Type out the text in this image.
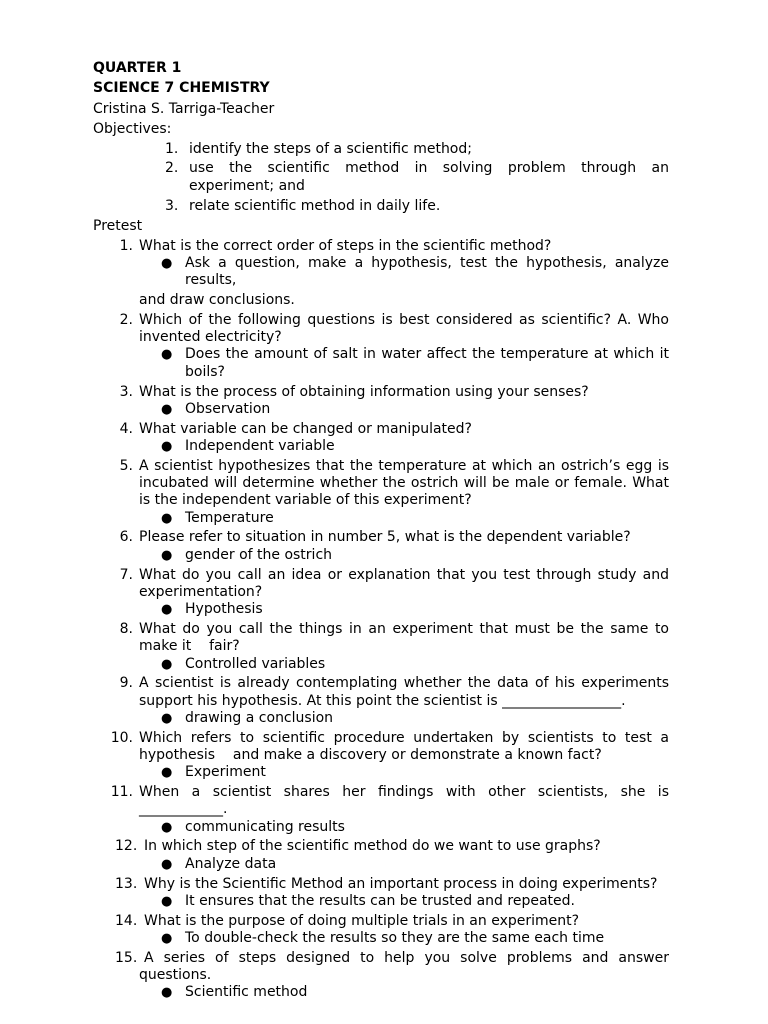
QUARTER 1
SCIENCE 7 CHEMISTRY
Cristina S. Tarriga-Teacher
Objectives:
1. identify the steps of a scientific method;
2. use the scientific method in solving problem through an experiment; and
3. relate scientific method in daily life.
Pretest
1. What is the correct order of steps in the scientific method?
● Ask a question, make a hypothesis, test the hypothesis, analyze results,
and draw conclusions.
2. Which of the following questions is best considered as scientific? A. Who invented electricity?
● Does the amount of salt in water affect the temperature at which it boils?
3. What is the process of obtaining information using your senses?
● Observation
4. What variable can be changed or manipulated?
● Independent variable
5. A scientist hypothesizes that the temperature at which an ostrich’s egg is incubated will determine whether the ostrich will be male or female. What is the independent variable of this experiment?
● Temperature
6. Please refer to situation in number 5, what is the dependent variable?
● gender of the ostrich
7. What do you call an idea or explanation that you test through study and experimentation?
● Hypothesis
8. What do you call the things in an experiment that must be the same to make it    fair?
● Controlled variables
9. A scientist is already contemplating whether the data of his experiments support his hypothesis. At this point the scientist is _________________.
● drawing a conclusion
10. Which refers to scientific procedure undertaken by scientists to test a hypothesis    and make a discovery or demonstrate a known fact?
● Experiment
11. When a scientist shares her findings with other scientists, she is ____________.
● communicating results
12. In which step of the scientific method do we want to use graphs?
● Analyze data
13. Why is the Scientific Method an important process in doing experiments?
● It ensures that the results can be trusted and repeated.
14. What is the purpose of doing multiple trials in an experiment?
● To double-check the results so they are the same each time
15. A series of steps designed to help you solve problems and answer questions.
● Scientific method
